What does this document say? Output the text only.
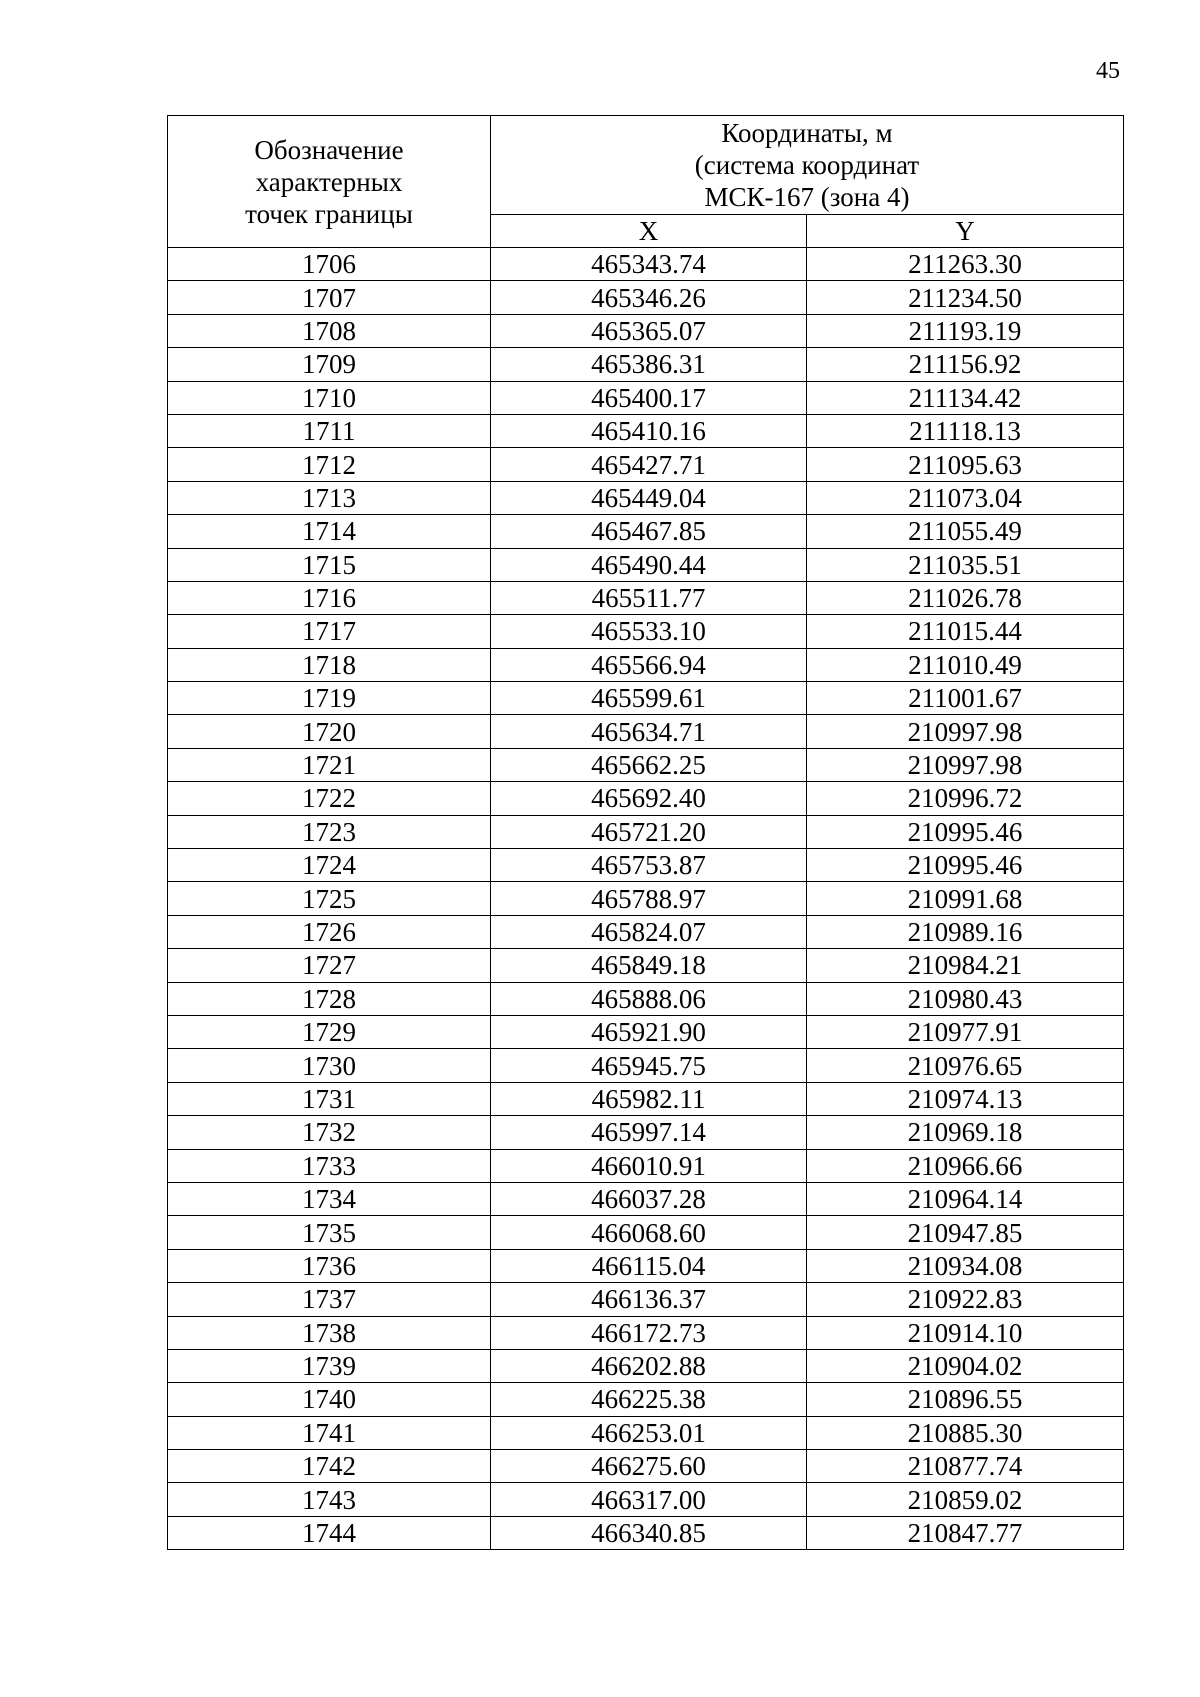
45
Обозначение
характерных
точек границы	Координаты, м
(система координат
МСК-167 (зона 4)	

	X	Y
1706	465343.74	211263.30
1707	465346.26	211234.50
1708	465365.07	211193.19
1709	465386.31	211156.92
1710	465400.17	211134.42
1711	465410.16	211118.13
1712	465427.71	211095.63
1713	465449.04	211073.04
1714	465467.85	211055.49
1715	465490.44	211035.51
1716	465511.77	211026.78
1717	465533.10	211015.44
1718	465566.94	211010.49
1719	465599.61	211001.67
1720	465634.71	210997.98
1721	465662.25	210997.98
1722	465692.40	210996.72
1723	465721.20	210995.46
1724	465753.87	210995.46
1725	465788.97	210991.68
1726	465824.07	210989.16
1727	465849.18	210984.21
1728	465888.06	210980.43
1729	465921.90	210977.91
1730	465945.75	210976.65
1731	465982.11	210974.13
1732	465997.14	210969.18
1733	466010.91	210966.66
1734	466037.28	210964.14
1735	466068.60	210947.85
1736	466115.04	210934.08
1737	466136.37	210922.83
1738	466172.73	210914.10
1739	466202.88	210904.02
1740	466225.38	210896.55
1741	466253.01	210885.30
1742	466275.60	210877.74
1743	466317.00	210859.02
1744	466340.85	210847.77
